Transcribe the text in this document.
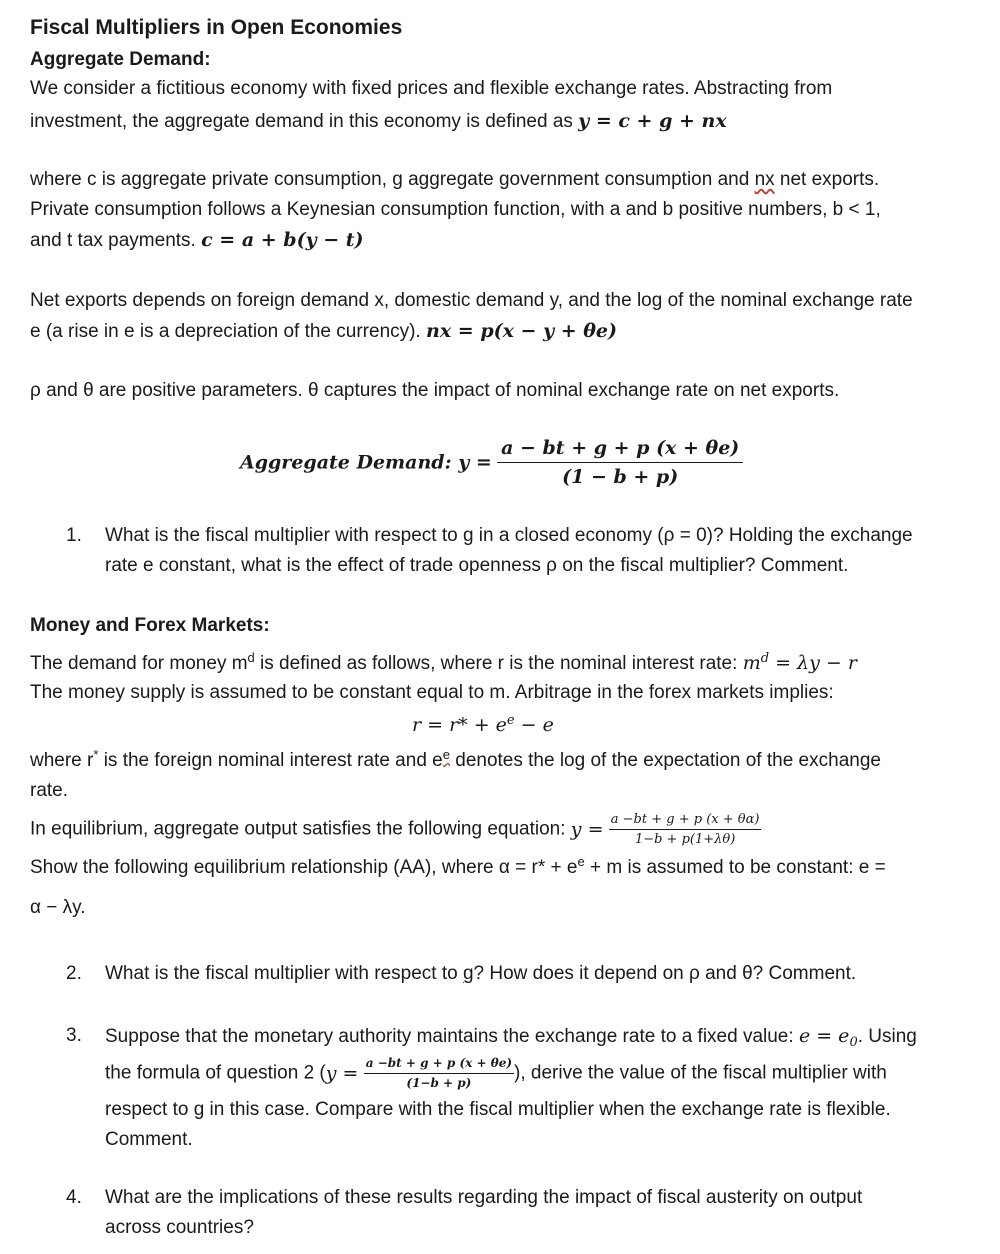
Fiscal Multipliers in Open Economies
Aggregate Demand:
We consider a fictitious economy with fixed prices and flexible exchange rates. Abstracting from
investment, the aggregate demand in this economy is defined as y = c + g + nx
where c is aggregate private consumption, g aggregate government consumption and nx net exports.
Private consumption follows a Keynesian consumption function, with a and b positive numbers, b < 1,
and t tax payments. c = a + b(y − t)
Net exports depends on foreign demand x, domestic demand y, and the log of the nominal exchange rate
e (a rise in e is a depreciation of the currency). nx = p(x − y + θe)
ρ and θ are positive parameters. θ captures the impact of nominal exchange rate on net exports.
Aggregate Demand: $y = \frac{a - bt + g + p (x + \theta e)}{(1 - b + p)}$
1. What is the fiscal multiplier with respect to g in a closed economy (ρ = 0)? Holding the exchange
rate e constant, what is the effect of trade openness ρ on the fiscal multiplier? Comment.
Money and Forex Markets:
The demand for money $m^d$ is defined as follows, where r is the nominal interest rate: $m^d = \lambda y - r$
The money supply is assumed to be constant equal to m. Arbitrage in the forex markets implies:
$r = r* + e^e - e$
where r* is the foreign nominal interest rate and $e^e$ denotes the log of the expectation of the exchange
rate.
In equilibrium, aggregate output satisfies the following equation: $y = \frac{a -bt + g + p (x + \theta\alpha)}{1-b + p(1+\lambda\theta)}$
Show the following equilibrium relationship (AA), where $\alpha = r* + e^e + m$ is assumed to be constant: e =
α − λy.
2. What is the fiscal multiplier with respect to g? How does it depend on ρ and θ? Comment.
3. Suppose that the monetary authority maintains the exchange rate to a fixed value: $e = e_0$. Using
the formula of question 2 ($y = \frac{a -bt + g + p (x + \theta e)}{(1-b + p)}$ ), derive the value of the fiscal multiplier with
respect to g in this case. Compare with the fiscal multiplier when the exchange rate is flexible.
Comment.
4. What are the implications of these results regarding the impact of fiscal austerity on output
across countries?
